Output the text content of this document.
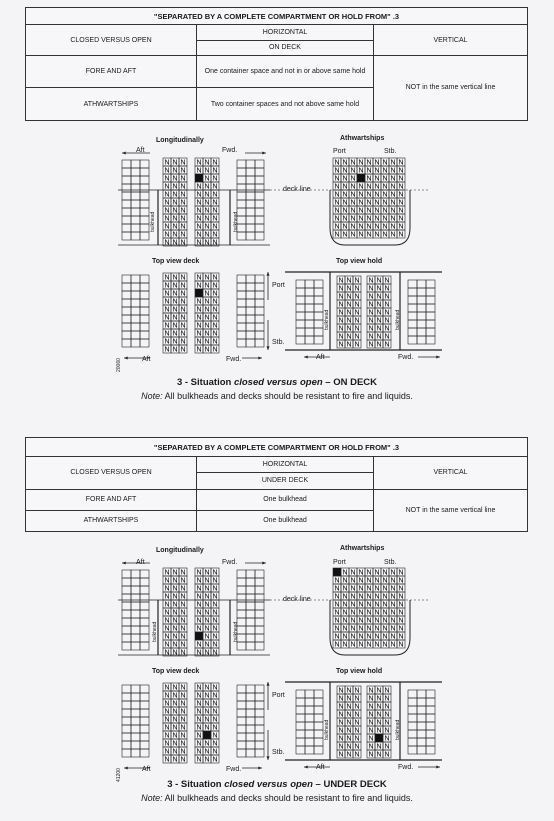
"SEPARATED BY A COMPLETE COMPARTMENT OR HOLD FROM" .3		
CLOSED VERSUS OPEN	HORIZONTAL	VERTICAL
	ON DECK	
FORE AND AFT	One container space and not in or above same hold	NOT in the same vertical line
ATHWARTSHIPS	Two container spaces and not above same hold	
N N N
N N N
N N N
N N N
N N N
N N N
N N N
N N N
N N N
N N N
N N N
N N N
N N N
N N
N N N
N N N
N N N
N N N
N N N
N N N
N N N
N N N
N N N N N N N N N
N N N N N N N N N
N N N N N N N N
N N N N N N N N N
N N N N N N N N N
N N N N N N N N N
N N N N N N N N N
N N N N N N N N N
N N N N N N N N N
N N N N N N N N N
N N N
N N N
N N N
N N N
N N N
N N N
N N N
N N N
N N N
N N N
N N N
N N N
N N
N N N
N N N
N N N
N N N
N N N
N N N
N N N
N N N
N N N
N N N
N N N
N N N
N N N
N N N
N N N
N N N
N N N
N N N
N N N
N N N
N N N
N N N
N N N
N N N
N N N
Longitudinally
Aft	Fwd.
Athwartships
Port	Stb.
deck line
bulkhead	bulkhead
Top view deck	Top view hold
Port
Stb.
Aft	Fwd.	Aft	Fwd.
bulkhead	bulkhead
20060
3 - Situation closed versus open – ON DECK
Note: All bulkheads and decks should be resistant to fire and liquids.
"SEPARATED BY A COMPLETE COMPARTMENT OR HOLD FROM" .3		
CLOSED VERSUS OPEN	HORIZONTAL	VERTICAL
	UNDER DECK	
FORE AND AFT	One bulkhead	NOT in the same vertical line
ATHWARTSHIPS	One bulkhead	
N N N
N N N
N N N
N N N
N N N
N N N
N N N
N N N
N N N
N N N
N N N
N N N
N N N
N N N
N N N
N N N
N N N
N N N
N N N
N N
N N N
N N N
N N N N N N N N
N N N N N N N N N
N N N N N N N N N
N N N N N N N N N
N N N N N N N N N
N N N N N N N N N
N N N N N N N N N
N N N N N N N N N
N N N N N N N N N
N N N N N N N N N
N N N
N N N
N N N
N N N
N N N
N N N
N N N
N N N
N N N
N N N
N N N
N N N
N N N
N N N
N N N
N N N
N N
N N N
N N N
N N N
N N N
N N N
N N N
N N N
N N N
N N N
N N N
N N N
N N N
N N N
N N N
N N N
N N N
N N N
N N N
N N
N N N
N N N
Longitudinally
Aft	Fwd.
Athwartships
Port	Stb.
deck line
bulkhead	bulkhead
Top view deck	Top view hold
Port
Stb.
Aft	Fwd.	Aft	Fwd.
bulkhead	bulkhead
41200
3 - Situation closed versus open – UNDER DECK
Note: All bulkheads and decks should be resistant to fire and liquids.
